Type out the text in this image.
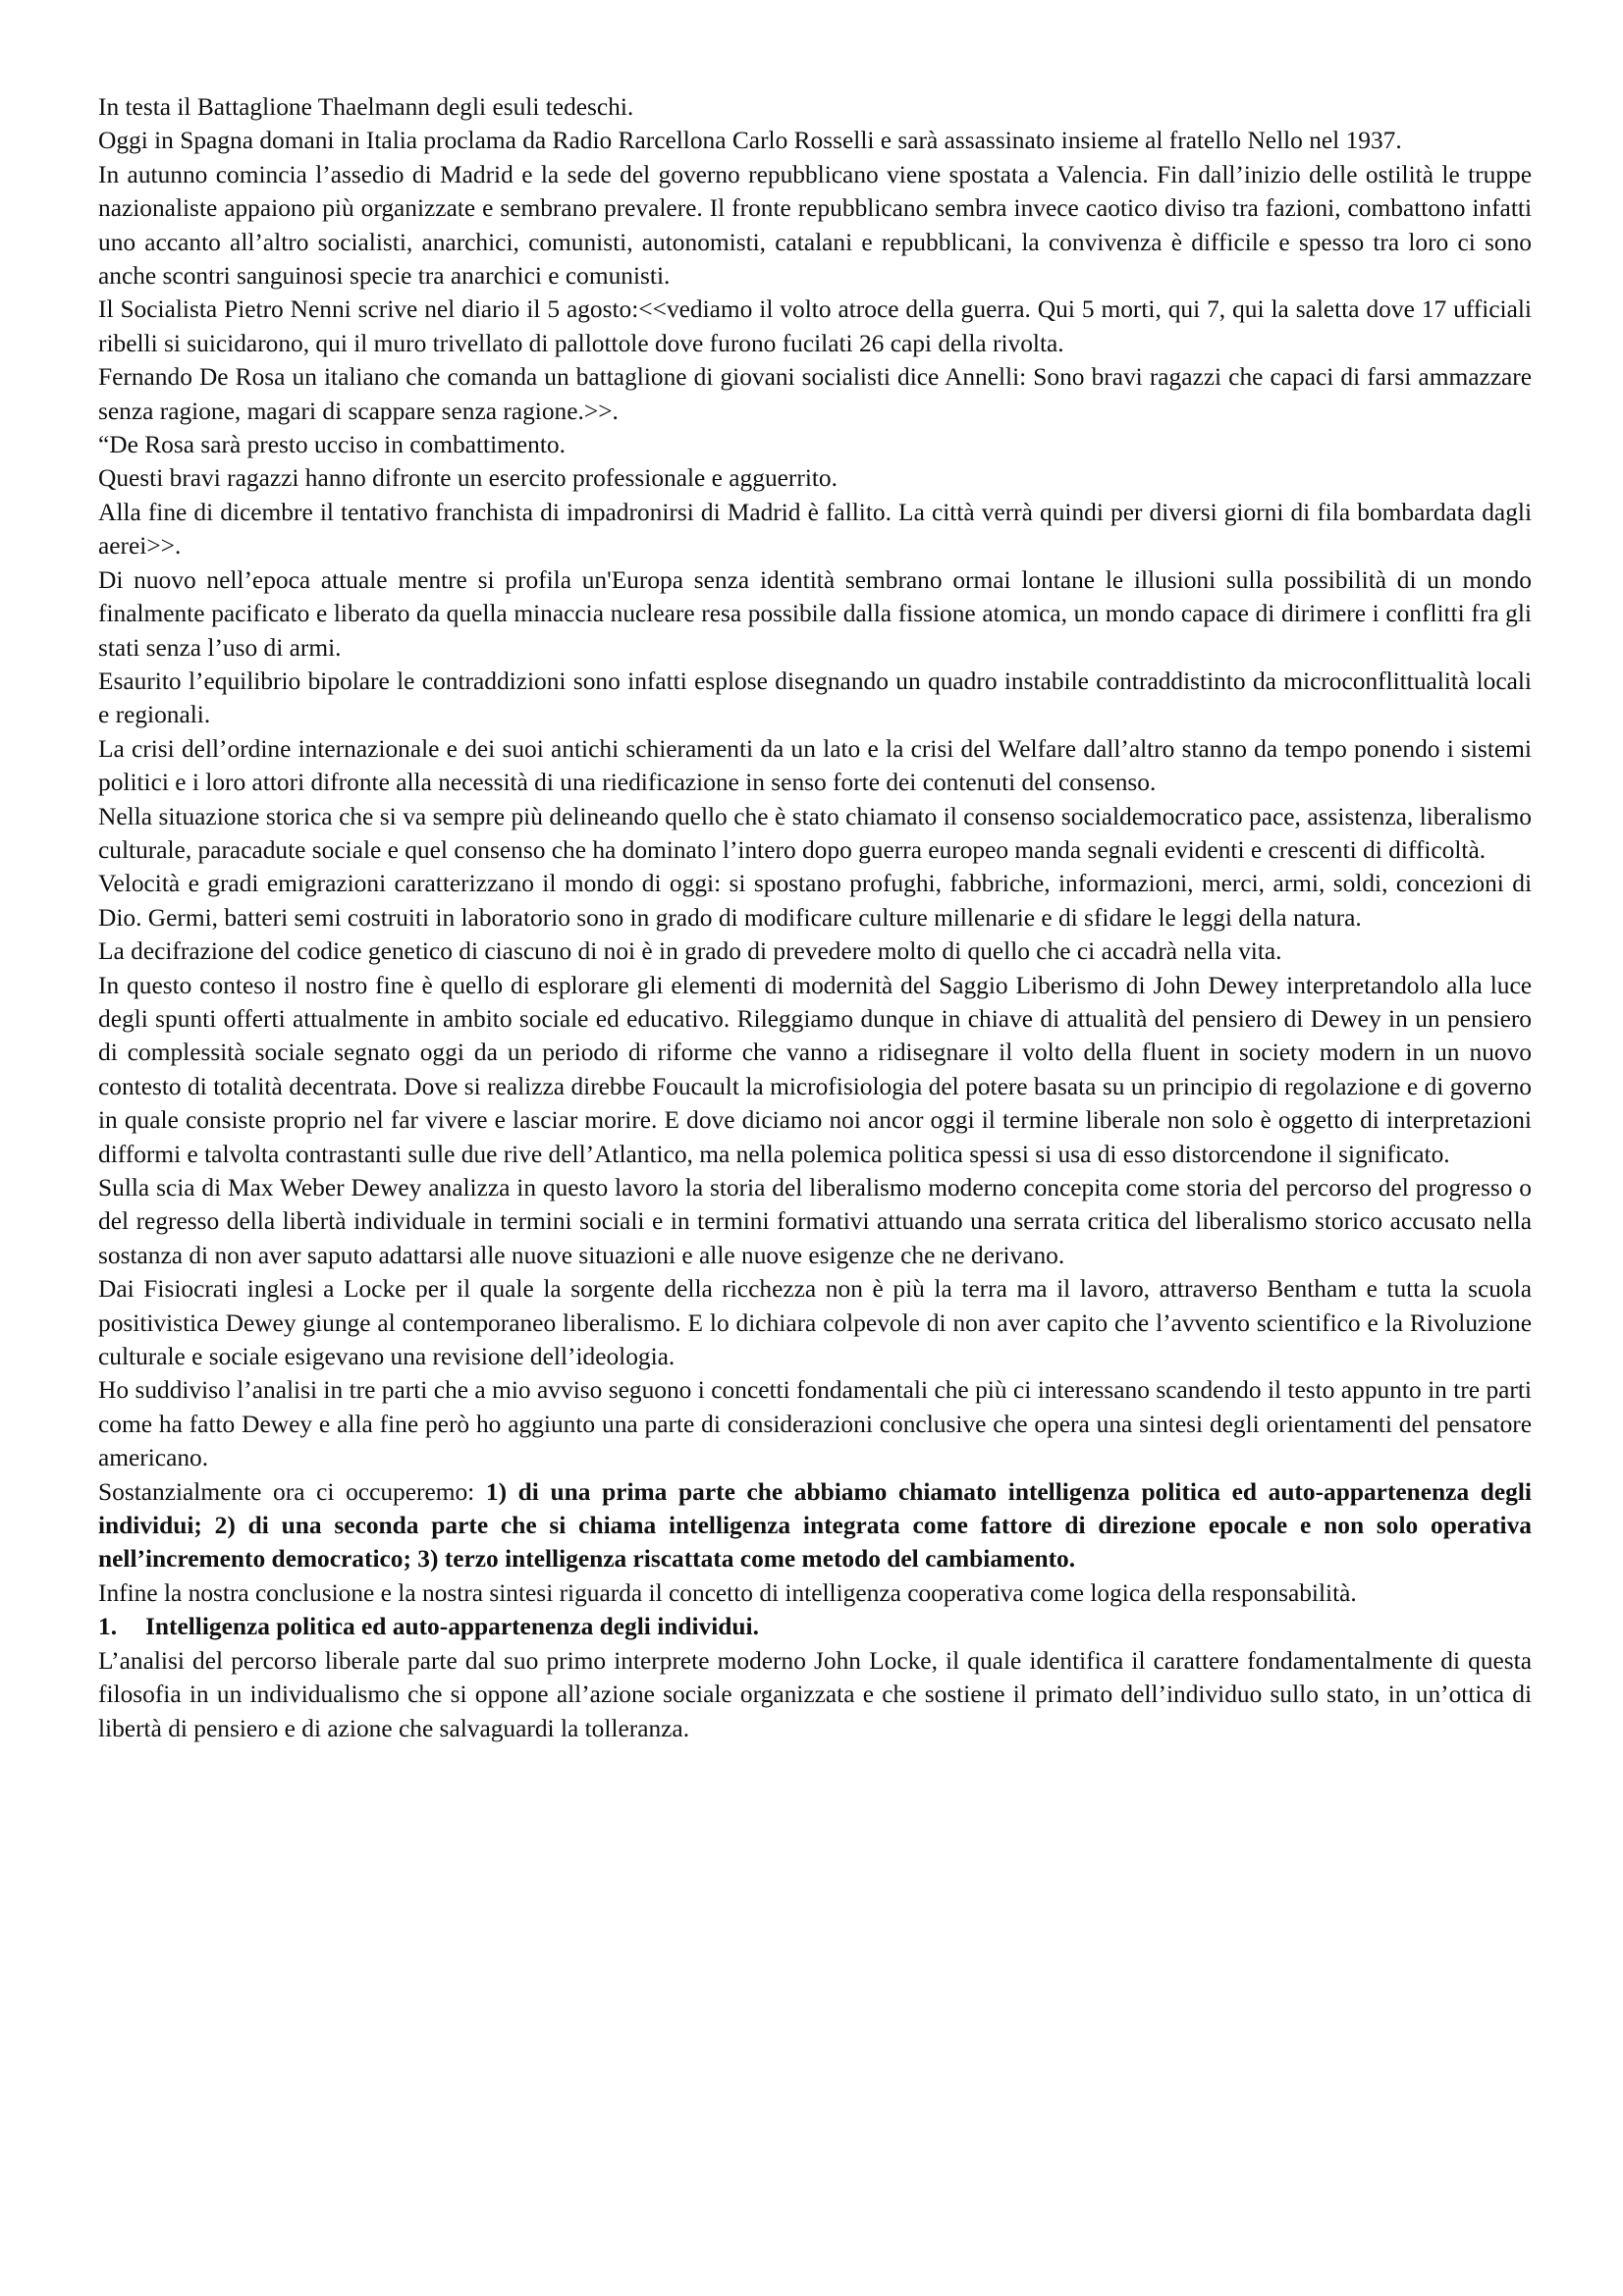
In testa il Battaglione Thaelmann degli esuli tedeschi.

Oggi in Spagna domani in Italia proclama da Radio Rarcellona Carlo Rosselli e sarà assassinato insieme al fratello Nello nel 1937.

In autunno comincia l’assedio di Madrid e la sede del governo repubblicano viene spostata a Valencia. Fin dall’inizio delle ostilità le truppe nazionaliste appaiono più organizzate e sembrano prevalere. Il fronte repubblicano sembra invece caotico diviso tra fazioni, combattono infatti uno accanto all’altro socialisti, anarchici, comunisti, autonomisti, catalani e repubblicani, la convivenza è difficile e spesso tra loro ci sono anche scontri sanguinosi specie tra anarchici e comunisti.

Il Socialista Pietro Nenni scrive nel diario il 5 agosto:<<vediamo il volto atroce della guerra. Qui 5 morti, qui 7, qui la saletta dove 17 ufficiali ribelli si suicidarono, qui il muro trivellato di pallottole dove furono fucilati 26 capi della rivolta.

Fernando De Rosa un italiano che comanda un battaglione di giovani socialisti dice Annelli: Sono bravi ragazzi che capaci di farsi ammazzare senza ragione, magari di scappare senza ragione.>>.

“De Rosa sarà presto ucciso in combattimento.

Questi bravi ragazzi hanno difronte un esercito professionale e agguerrito.

Alla fine di dicembre il tentativo franchista di impadronirsi di Madrid è fallito. La città verrà quindi per diversi giorni di fila bombardata dagli aerei>>.

Di nuovo nell’epoca attuale mentre si profila un'Europa senza identità sembrano ormai lontane le illusioni sulla possibilità di un mondo finalmente pacificato e liberato da quella minaccia nucleare resa possibile dalla fissione atomica, un mondo capace di dirimere i conflitti fra gli stati senza l’uso di armi.

Esaurito l’equilibrio bipolare le contraddizioni sono infatti esplose disegnando un quadro instabile contraddistinto da microconflittualità locali e regionali.

La crisi dell’ordine internazionale e dei suoi antichi schieramenti da un lato e la crisi del Welfare dall’altro stanno da tempo ponendo i sistemi politici e i loro attori difronte alla necessità di una riedificazione in senso forte dei contenuti del consenso.

Nella situazione storica che si va sempre più delineando quello che è stato chiamato il consenso socialdemocratico pace, assistenza, liberalismo culturale, paracadute sociale e quel consenso che ha dominato l’intero dopo guerra europeo manda segnali evidenti e crescenti di difficoltà.

Velocità e gradi emigrazioni caratterizzano il mondo di oggi: si spostano profughi, fabbriche, informazioni, merci, armi, soldi, concezioni di Dio. Germi, batteri semi costruiti in laboratorio sono in grado di modificare culture millenarie e di sfidare le leggi della natura.

La decifrazione del codice genetico di ciascuno di noi è in grado di prevedere molto di quello che ci accadrà nella vita.

In questo conteso il nostro fine è quello di esplorare gli elementi di modernità del Saggio Liberismo di John Dewey interpretandolo alla luce degli spunti offerti attualmente in ambito sociale ed educativo. Rileggiamo dunque in chiave di attualità del pensiero di Dewey in un pensiero di complessità sociale segnato oggi da un periodo di riforme che vanno a ridisegnare il volto della fluent in society modern in un nuovo contesto di totalità decentrata. Dove si realizza direbbe Foucault la microfisiologia del potere basata su un principio di regolazione e di governo in quale consiste proprio nel far vivere e lasciar morire. E dove diciamo noi ancor oggi il termine liberale non solo è oggetto di interpretazioni difformi e talvolta contrastanti sulle due rive dell’Atlantico, ma nella polemica politica spessi si usa di esso distorcendone il significato.

Sulla scia di Max Weber Dewey analizza in questo lavoro la storia del liberalismo moderno concepita come storia del percorso del progresso o del regresso della libertà individuale in termini sociali e in termini formativi attuando una serrata critica del liberalismo storico accusato nella sostanza di non aver saputo adattarsi alle nuove situazioni e alle nuove esigenze che ne derivano.

Dai Fisiocrati inglesi a Locke per il quale la sorgente della ricchezza non è più la terra ma il lavoro, attraverso Bentham e tutta la scuola positivistica Dewey giunge al contemporaneo liberalismo. E lo dichiara colpevole di non aver capito che l’avvento scientifico e la Rivoluzione culturale e sociale esigevano una revisione dell’ideologia.

Ho suddiviso l’analisi in tre parti che a mio avviso seguono i concetti fondamentali che più ci interessano scandendo il testo appunto in tre parti come ha fatto Dewey e alla fine però ho aggiunto una parte di considerazioni conclusive che opera una sintesi degli orientamenti del pensatore americano.

Sostanzialmente ora ci occuperemo: 1) di una prima parte che abbiamo chiamato intelligenza politica ed auto-appartenenza degli individui; 2) di una seconda parte che si chiama intelligenza integrata come fattore di direzione epocale e non solo operativa nell’incremento democratico; 3) terzo intelligenza riscattata come metodo del cambiamento.

Infine la nostra conclusione e la nostra sintesi riguarda il concetto di intelligenza cooperativa come logica della responsabilità.

1. Intelligenza politica ed auto-appartenenza degli individui.

L’analisi del percorso liberale parte dal suo primo interprete moderno John Locke, il quale identifica il carattere fondamentalmente di questa filosofia in un individualismo che si oppone all’azione sociale organizzata e che sostiene il primato dell’individuo sullo stato, in un’ottica di libertà di pensiero e di azione che salvaguardi la tolleranza.
